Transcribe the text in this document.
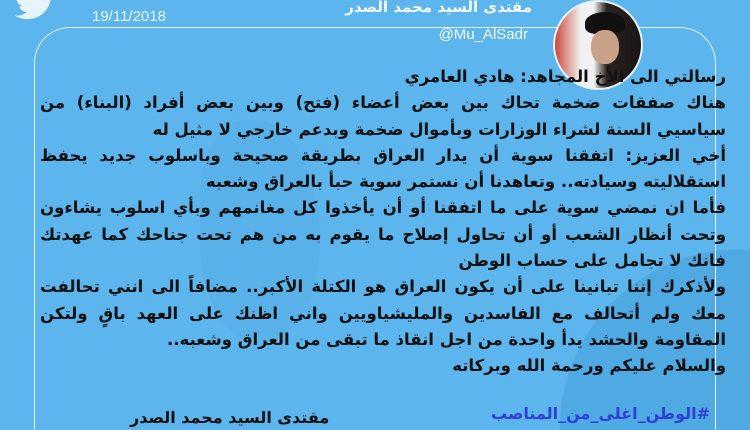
19/11/2018
مقتدى السيد محمد الصدر
@Mu_AlSadr

رسالتي الى الأخ المجاهد: هادي العامري

هناك صفقات ضخمة تحاك بين بعض أعضاء (فتح) وبين بعض أفراد (البناء) من سياسيي السنة لشراء الوزارات وبأموال ضخمة وبدعم خارجي لا مثيل له

أخي العزيز: اتفقنا سوية أن يدار العراق بطريقة صحيحة وباسلوب جديد يحفظ استقلاليته وسيادته.. وتعاهدنا أن نستمر سوية حبأ بالعراق وشعبه

فأما ان نمضي سوية على ما اتفقنا أو أن يأخذوا كل مغانمهم وبأي اسلوب يشاءون وتحت أنظار الشعب أو أن تحاول إصلاح ما يقوم به من هم تحت جناحك كما عهدتك فانك لا تجامل على حساب الوطن

ولأذكرك إننا تبانينا على أن يكون العراق هو الكتلة الأكبر.. مضافاً الى انني تحالفت معك ولم أتحالف مع الفاسدين والمليشياويين واني اظنك على العهد باقٍ ولتكن المقاومة والحشد يدأ واحدة من اجل انقاذ ما تبقى من العراق وشعبه..

والسلام عليكم ورحمة الله وبركاته

#الوطن_اغلى_من_المناصب
مقتدى السيد محمد الصدر
